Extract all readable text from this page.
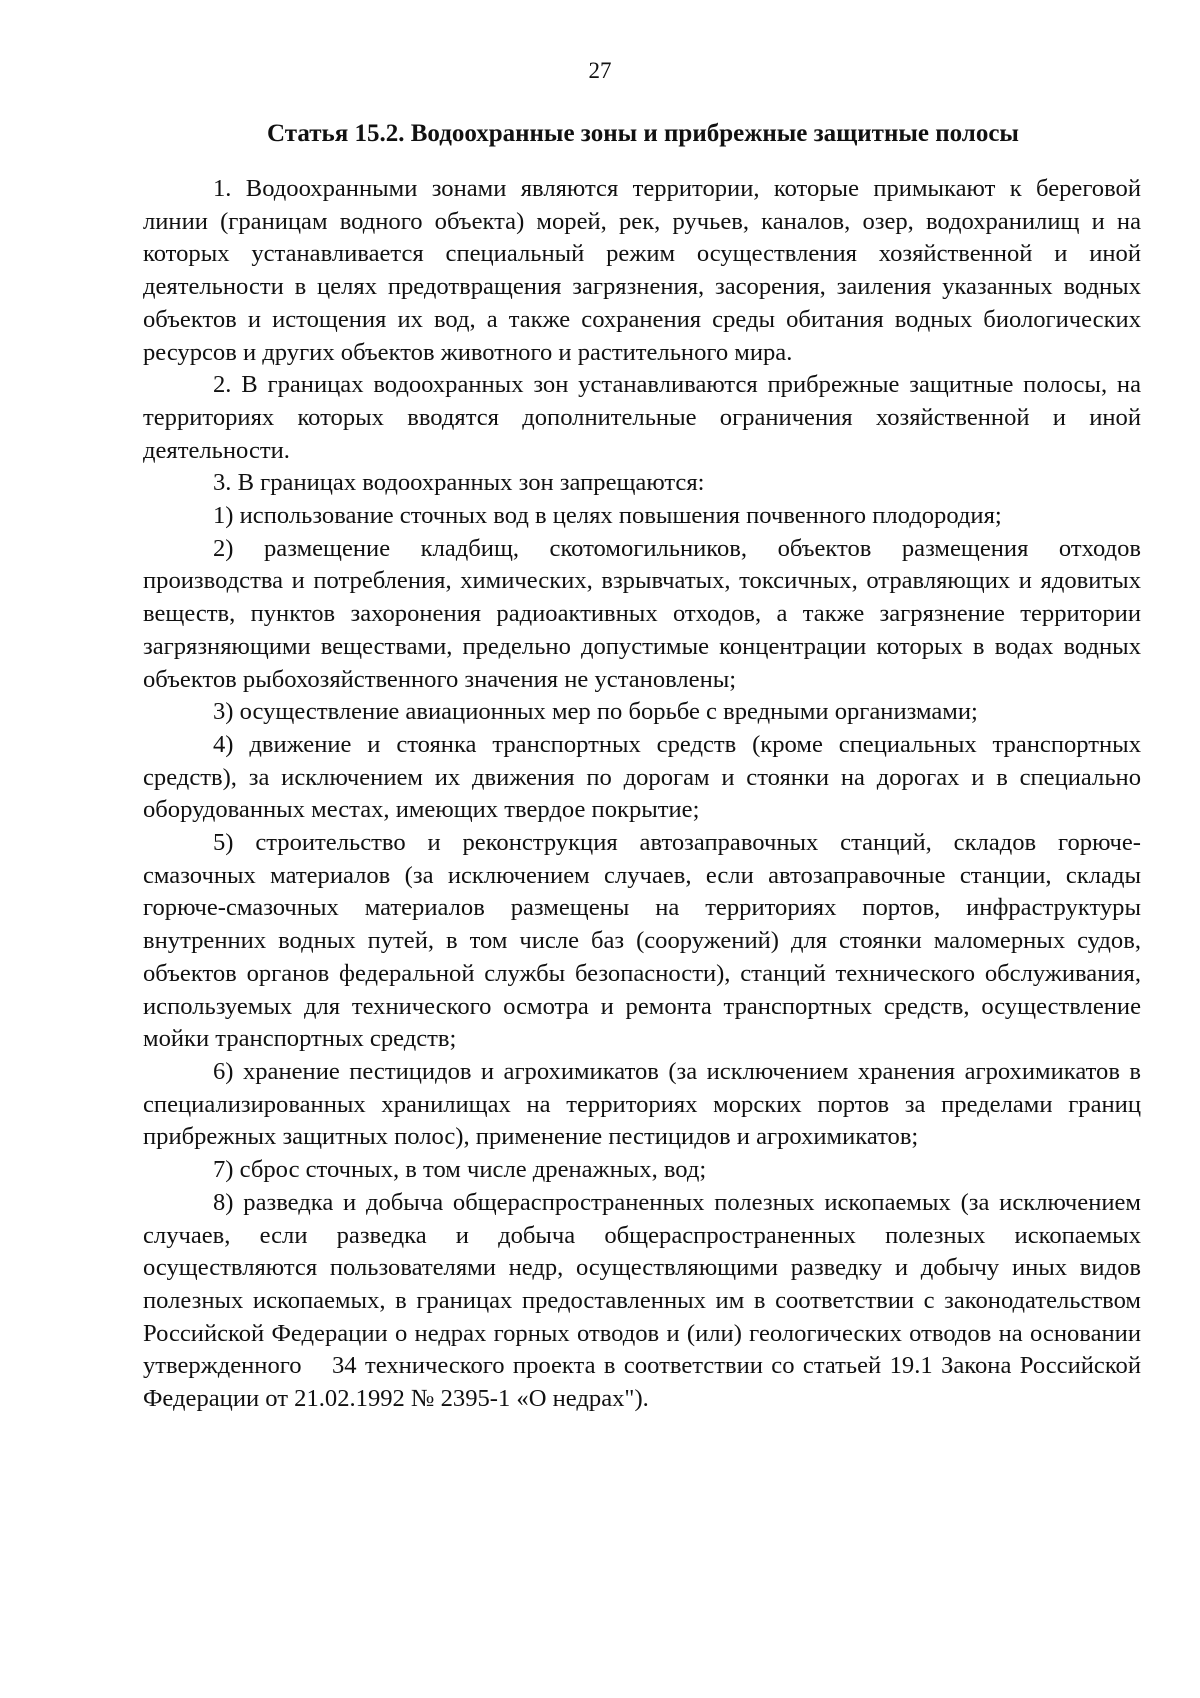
27
Статья 15.2. Водоохранные зоны и прибрежные защитные полосы

1. Водоохранными зонами являются территории, которые примыкают к береговой линии (границам водного объекта) морей, рек, ручьев, каналов, озер, водохранилищ и на которых устанавливается специальный режим осуществления хозяйственной и иной деятельности в целях предотвращения загрязнения, засорения, заиления указанных водных объектов и истощения их вод, а также сохранения среды обитания водных биологических ресурсов и других объектов животного и растительного мира.

2. В границах водоохранных зон устанавливаются прибрежные защитные полосы, на территориях которых вводятся дополнительные ограничения хозяйственной и иной деятельности.

3. В границах водоохранных зон запрещаются:

1) использование сточных вод в целях повышения почвенного плодородия;

2) размещение кладбищ, скотомогильников, объектов размещения отходов производства и потребления, химических, взрывчатых, токсичных, отравляющих и ядовитых веществ, пунктов захоронения радиоактивных отходов, а также загрязнение территории загрязняющими веществами, предельно допустимые концентрации которых в водах водных объектов рыбохозяйственного значения не установлены;

3) осуществление авиационных мер по борьбе с вредными организмами;

4) движение и стоянка транспортных средств (кроме специальных транспортных средств), за исключением их движения по дорогам и стоянки на дорогах и в специально оборудованных местах, имеющих твердое покрытие;

5) строительство и реконструкция автозаправочных станций, складов горюче-смазочных материалов (за исключением случаев, если автозаправочные станции, склады горюче-смазочных материалов размещены на территориях портов, инфраструктуры внутренних водных путей, в том числе баз (сооружений) для стоянки маломерных судов, объектов органов федеральной службы безопасности), станций технического обслуживания, используемых для технического осмотра и ремонта транспортных средств, осуществление мойки транспортных средств;

6) хранение пестицидов и агрохимикатов (за исключением хранения агрохимикатов в специализированных хранилищах на территориях морских портов за пределами границ прибрежных защитных полос), применение пестицидов и агрохимикатов;

7) сброс сточных, в том числе дренажных, вод;

8) разведка и добыча общераспространенных полезных ископаемых (за исключением случаев, если разведка и добыча общераспространенных полезных ископаемых осуществляются пользователями недр, осуществляющими разведку и добычу иных видов полезных ископаемых, в границах предоставленных им в соответствии с законодательством Российской Федерации о недрах горных отводов и (или) геологических отводов на основании утвержденного 34 технического проекта в соответствии со статьей 19.1 Закона Российской Федерации от 21.02.1992 № 2395-1 «О недрах").
